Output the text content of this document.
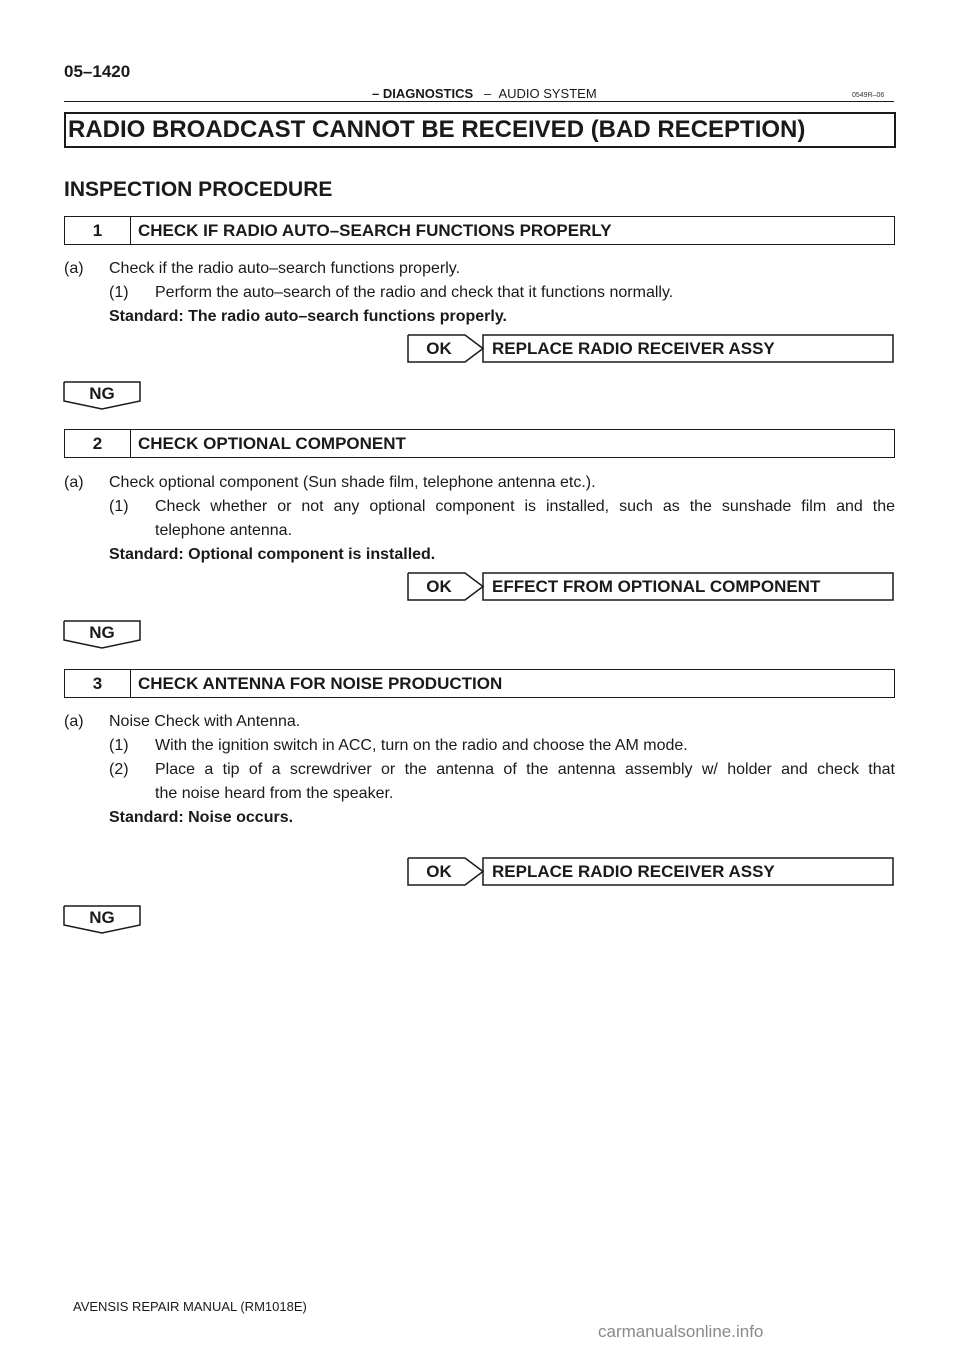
05–1420
– DIAGNOSTICS – AUDIO SYSTEM	0549R–06
RADIO BROADCAST CANNOT BE RECEIVED (BAD RECEPTION)
INSPECTION PROCEDURE
1	CHECK IF RADIO AUTO–SEARCH FUNCTIONS PROPERLY
(a) Check if the radio auto–search functions properly.
(1) Perform the auto–search of the radio and check that it functions normally.
Standard: The radio auto–search functions properly.
OK	REPLACE RADIO RECEIVER ASSY
NG
2	CHECK OPTIONAL COMPONENT
(a) Check optional component (Sun shade film, telephone antenna etc.).
(1) Check whether or not any optional component is installed, such as the sunshade film and the
telephone antenna.
Standard: Optional component is installed.
OK	EFFECT FROM OPTIONAL COMPONENT
NG
3	CHECK ANTENNA FOR NOISE PRODUCTION
(a) Noise Check with Antenna.
(1) With the ignition switch in ACC, turn on the radio and choose the AM mode.
(2) Place a tip of a screwdriver or the antenna of the antenna assembly w/ holder and check that
the noise heard from the speaker.
Standard: Noise occurs.
OK	REPLACE RADIO RECEIVER ASSY
NG
AVENSIS REPAIR MANUAL (RM1018E)
carmanualsonline.info
